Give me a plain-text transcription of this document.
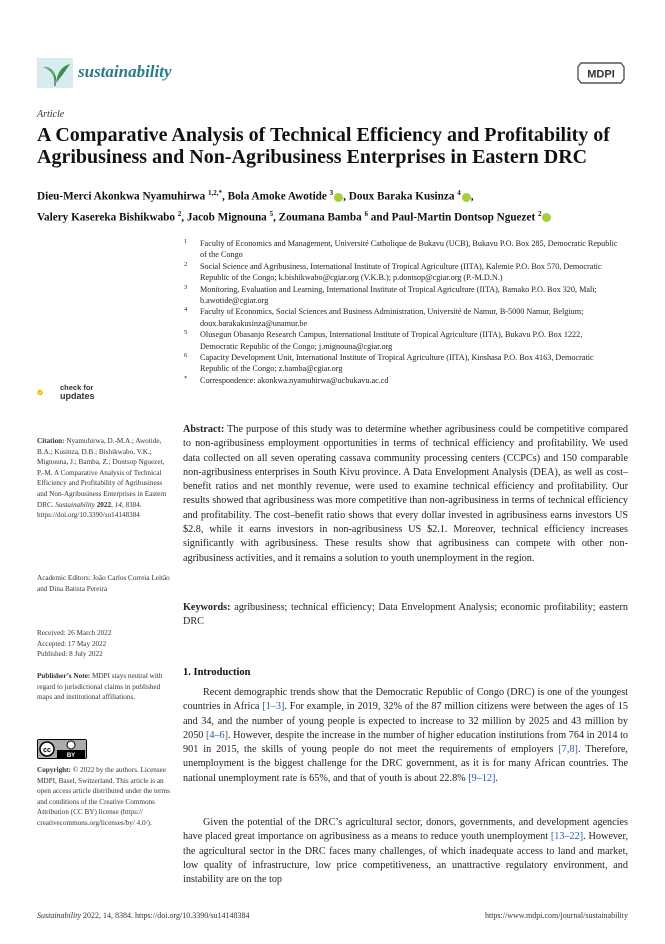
sustainability	MDPI
Article
A Comparative Analysis of Technical Efficiency and Profitability of Agribusiness and Non-Agribusiness Enterprises in Eastern DRC
Dieu-Merci Akonkwa Nyamuhirwa $^{1,2,*}$, Bola Amoke Awotide $^3$ , Doux Baraka Kusinza $^4$ ,
Valery Kasereka Bishikwabo $^2$, Jacob Mignouna $^5$, Zoumana Bamba $^6$ and Paul-Martin Dontsop Nguezet $^2$
1 Faculty of Economics and Management, Université Catholique de Bukavu (UCB), Bukavu P.O. Box 285, Democratic Republic of the Congo
2 Social Science and Agribusiness, International Institute of Tropical Agriculture (IITA), Kalemie P.O. Box 570, Democratic Republic of the Congo; k.bishikwabo@cgiar.org (V.K.B.); p.dontsop@cgiar.org (P.-M.D.N.)
3 Monitoring, Evaluation and Learning, International Institute of Tropical Agriculture (IITA), Bamako P.O. Box 320, Mali; b.awotide@cgiar.org
4 Faculty of Economics, Social Sciences and Business Administration, Université de Namur, B-5000 Namur, Belgium; doux.barakakusinza@unamur.be
5 Olusegun Obasanjo Research Campus, International Institute of Tropical Agriculture (IITA), Bukavu P.O. Box 1222, Democratic Republic of the Congo; j.mignouna@cgiar.org
6 Capacity Development Unit, International Institute of Tropical Agriculture (IITA), Kinshasa P.O. Box 4163, Democratic Republic of the Congo; z.bamba@cgiar.org
* Correspondence: akonkwa.nyamuhirwa@ucbukavu.ac.cd
check for
updates
Citation: Nyamuhirwa, D.-M.A.; Awotide, B.A.; Kusinza, D.B.; Bishikwabo, V.K.; Mignouna, J.; Bamba, Z.; Dontsop Nguezet, P.-M. A Comparative Analysis of Technical Efficiency and Profitability of Agribusiness and Non-Agribusiness Enterprises in Eastern DRC. Sustainability 2022, 14, 8384. https://doi.org/10.3390/su14148384
Academic Editors: João Carlos Correia Leitão and Dina Batista Pereira
Received: 26 March 2022
Accepted: 17 May 2022
Published: 8 July 2022
Publisher’s Note: MDPI stays neutral with regard to jurisdictional claims in published maps and institutional affiliations.
cc
BY
Copyright: © 2022 by the authors. Licensee MDPI, Basel, Switzerland. This article is an open access article distributed under the terms and conditions of the Creative Commons Attribution (CC BY) license (https:// creativecommons.org/licenses/by/ 4.0/).
Abstract: The purpose of this study was to determine whether agribusiness could be competitive compared to non-agribusiness employment opportunities in terms of technical efficiency and profitability. We used data collected on all seven operating cassava community processing centers (CCPCs) and 150 comparable non-agribusiness enterprises in South Kivu province. A Data Envelopment Analysis (DEA), as well as cost–benefit ratios and net monthly revenue, were used to examine technical efficiency and profitability. Our results showed that agribusiness was more competitive than non-agribusiness in terms of technical efficiency and profitability. The cost–benefit ratio shows that every dollar invested in agribusiness earns investors US $2.8, while it earns investors in non-agribusiness US $2.1. Moreover, technical efficiency increases significantly with agribusiness. These results show that agribusiness can compete with other non-agribusiness activities, and it remains a solution to youth unemployment in the region.
Keywords: agribusiness; technical efficiency; Data Envelopment Analysis; economic profitability; eastern DRC
1. Introduction
Recent demographic trends show that the Democratic Republic of Congo (DRC) is one of the youngest countries in Africa [1–3]. For example, in 2019, 32% of the 87 million citizens were between the ages of 15 and 34, and the number of young people is expected to increase to 32 million by 2025 and 43 million by 2050 [4–6]. However, despite the increase in the number of higher education institutions from 764 in 2014 to 901 in 2015, the skills of young people do not meet the requirements of employers [7,8]. Therefore, unemployment is the biggest challenge for the DRC government, as it is for many African countries. The national unemployment rate is 65%, and that of youth is about 22.8% [9–12].
Given the potential of the DRC’s agricultural sector, donors, governments, and development agencies have placed great importance on agribusiness as a means to reduce youth unemployment [13–22]. However, the agricultural sector in the DRC faces many challenges, of which inadequate access to land and market, low quality of infrastructure, low price competitiveness, an unattractive regulatory environment, and instability are on the top
Sustainability 2022, 14, 8384. https://doi.org/10.3390/su14148384	https://www.mdpi.com/journal/sustainability
